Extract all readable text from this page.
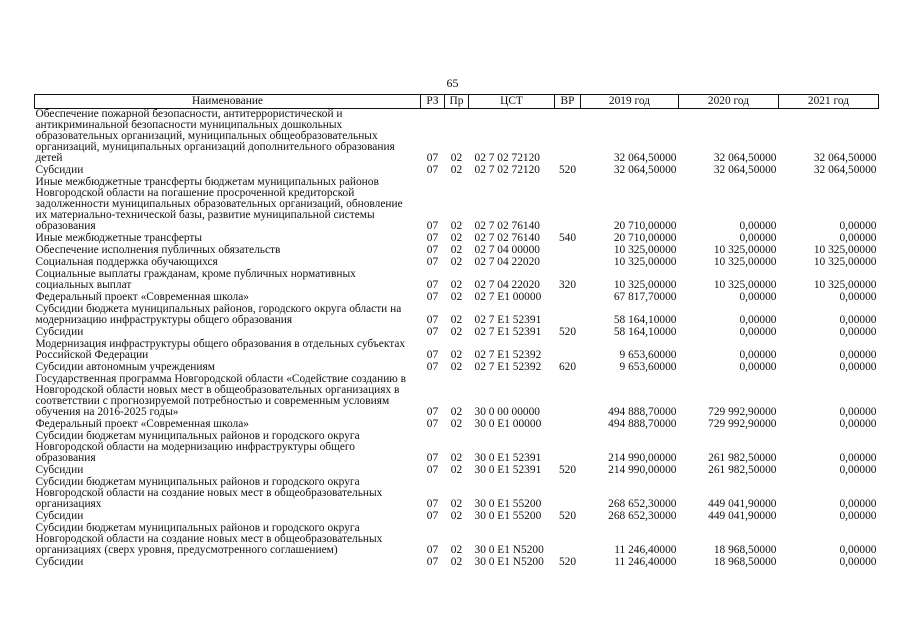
65
Наименование	РЗ	Пр	ЦСТ	ВР	2019 год	2020 год	2021 год
Обеспечение пожарной безопасности, антитеррористической и антикриминальной безопасности муниципальных дошкольных образовательных организаций, муниципальных общеобразовательных организаций, муниципальных организаций дополнительного образования детей	07	02	02 7 02 72120		32 064,50000	32 064,50000	32 064,50000
Субсидии	07	02	02 7 02 72120	520	32 064,50000	32 064,50000	32 064,50000
Иные межбюджетные трансферты бюджетам муниципальных районов Новгородской области на погашение просроченной кредиторской задолженности муниципальных образовательных организаций, обновление их материально-технической базы, развитие муниципальной системы образования	07	02	02 7 02 76140		20 710,00000	0,00000	0,00000
Иные межбюджетные трансферты	07	02	02 7 02 76140	540	20 710,00000	0,00000	0,00000
Обеспечение исполнения публичных обязательств	07	02	02 7 04 00000		10 325,00000	10 325,00000	10 325,00000
Социальная поддержка обучающихся	07	02	02 7 04 22020		10 325,00000	10 325,00000	10 325,00000
Социальные выплаты гражданам, кроме публичных нормативных социальных выплат	07	02	02 7 04 22020	320	10 325,00000	10 325,00000	10 325,00000
Федеральный проект «Современная школа»	07	02	02 7 E1 00000		67 817,70000	0,00000	0,00000
Субсидии бюджета муниципальных районов, городского округа области на модернизацию инфраструктуры общего образования	07	02	02 7 E1 52391		58 164,10000	0,00000	0,00000
Субсидии	07	02	02 7 E1 52391	520	58 164,10000	0,00000	0,00000
Модернизация инфраструктуры общего образования в отдельных субъектах Российской Федерации	07	02	02 7 E1 52392		9 653,60000	0,00000	0,00000
Субсидии автономным учреждениям	07	02	02 7 E1 52392	620	9 653,60000	0,00000	0,00000
Государственная программа Новгородской области «Содействие созданию в Новгородской области новых мест в общеобразовательных организациях в соответствии с прогнозируемой потребностью и современным условиям обучения на 2016-2025 годы»	07	02	30 0 00 00000		494 888,70000	729 992,90000	0,00000
Федеральный проект «Современная школа»	07	02	30 0 E1 00000		494 888,70000	729 992,90000	0,00000
Субсидии бюджетам муниципальных районов и городского округа Новгородской области на модернизацию инфраструктуры общего образования	07	02	30 0 E1 52391		214 990,00000	261 982,50000	0,00000
Субсидии	07	02	30 0 E1 52391	520	214 990,00000	261 982,50000	0,00000
Субсидии бюджетам муниципальных районов и городского округа Новгородской области на создание новых мест в общеобразовательных организациях	07	02	30 0 E1 55200		268 652,30000	449 041,90000	0,00000
Субсидии	07	02	30 0 E1 55200	520	268 652,30000	449 041,90000	0,00000
Субсидии бюджетам муниципальных районов и городского округа Новгородской области на создание новых мест в общеобразовательных организациях (сверх уровня, предусмотренного соглашением)	07	02	30 0 E1 N5200		11 246,40000	18 968,50000	0,00000
Субсидии	07	02	30 0 E1 N5200	520	11 246,40000	18 968,50000	0,00000
